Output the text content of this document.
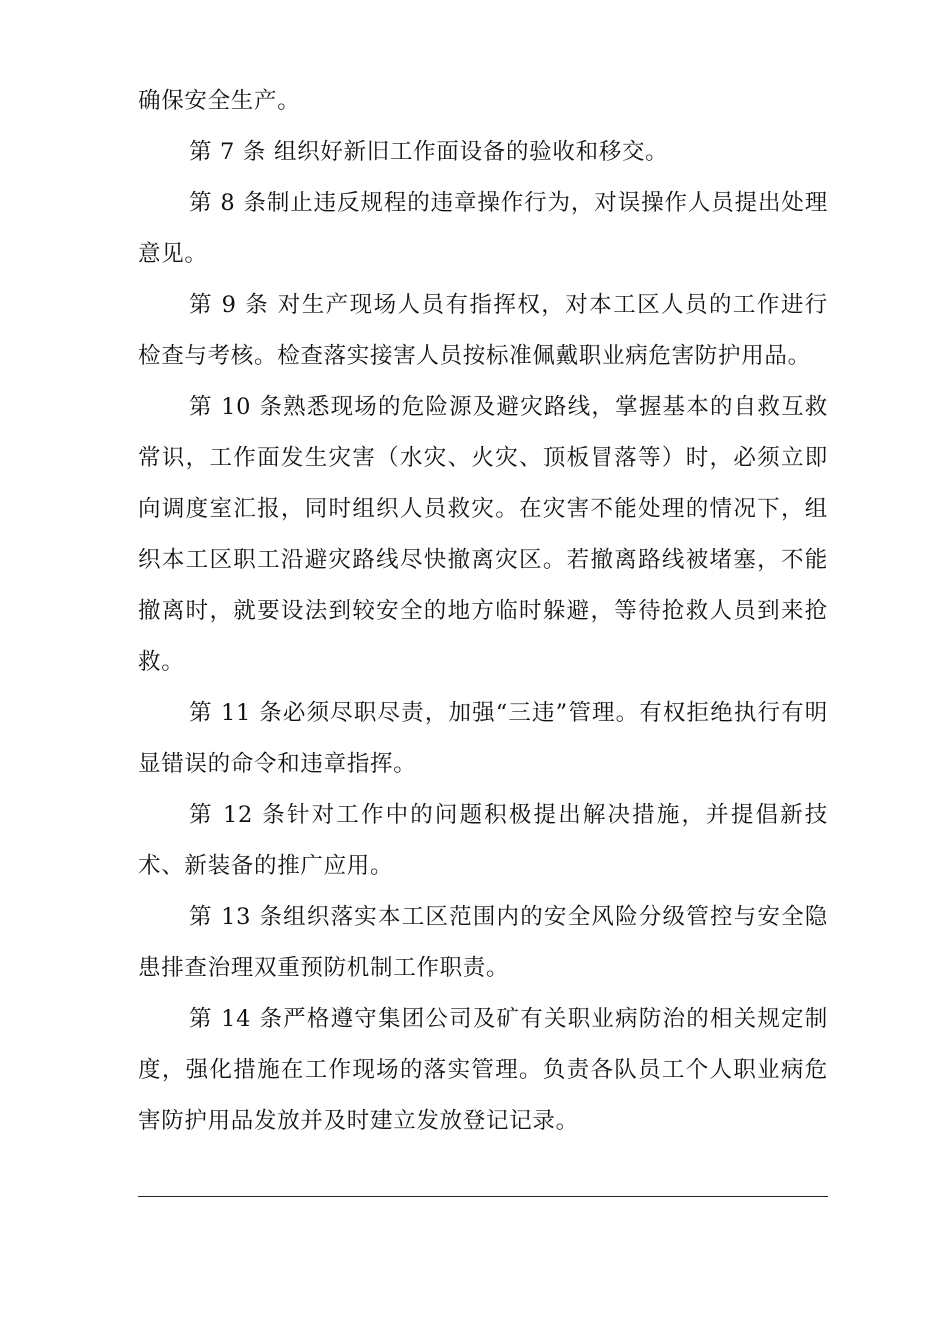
确保安全生产。

第 7 条 组织好新旧工作面设备的验收和移交。

第 8 条制止违反规程的违章操作行为，对误操作人员提出处理意见。

第 9 条 对生产现场人员有指挥权，对本工区人员的工作进行检查与考核。检查落实接害人员按标准佩戴职业病危害防护用品。

第 10 条熟悉现场的危险源及避灾路线，掌握基本的自救互救常识，工作面发生灾害（水灾、火灾、顶板冒落等）时，必须立即向调度室汇报，同时组织人员救灾。在灾害不能处理的情况下，组织本工区职工沿避灾路线尽快撤离灾区。若撤离路线被堵塞，不能撤离时，就要设法到较安全的地方临时躲避，等待抢救人员到来抢救。

第 11 条必须尽职尽责，加强“三违”管理。有权拒绝执行有明显错误的命令和违章指挥。

第 12 条针对工作中的问题积极提出解决措施，并提倡新技术、新装备的推广应用。

第 13 条组织落实本工区范围内的安全风险分级管控与安全隐患排查治理双重预防机制工作职责。

第 14 条严格遵守集团公司及矿有关职业病防治的相关规定制度，强化措施在工作现场的落实管理。负责各队员工个人职业病危害防护用品发放并及时建立发放登记记录。
